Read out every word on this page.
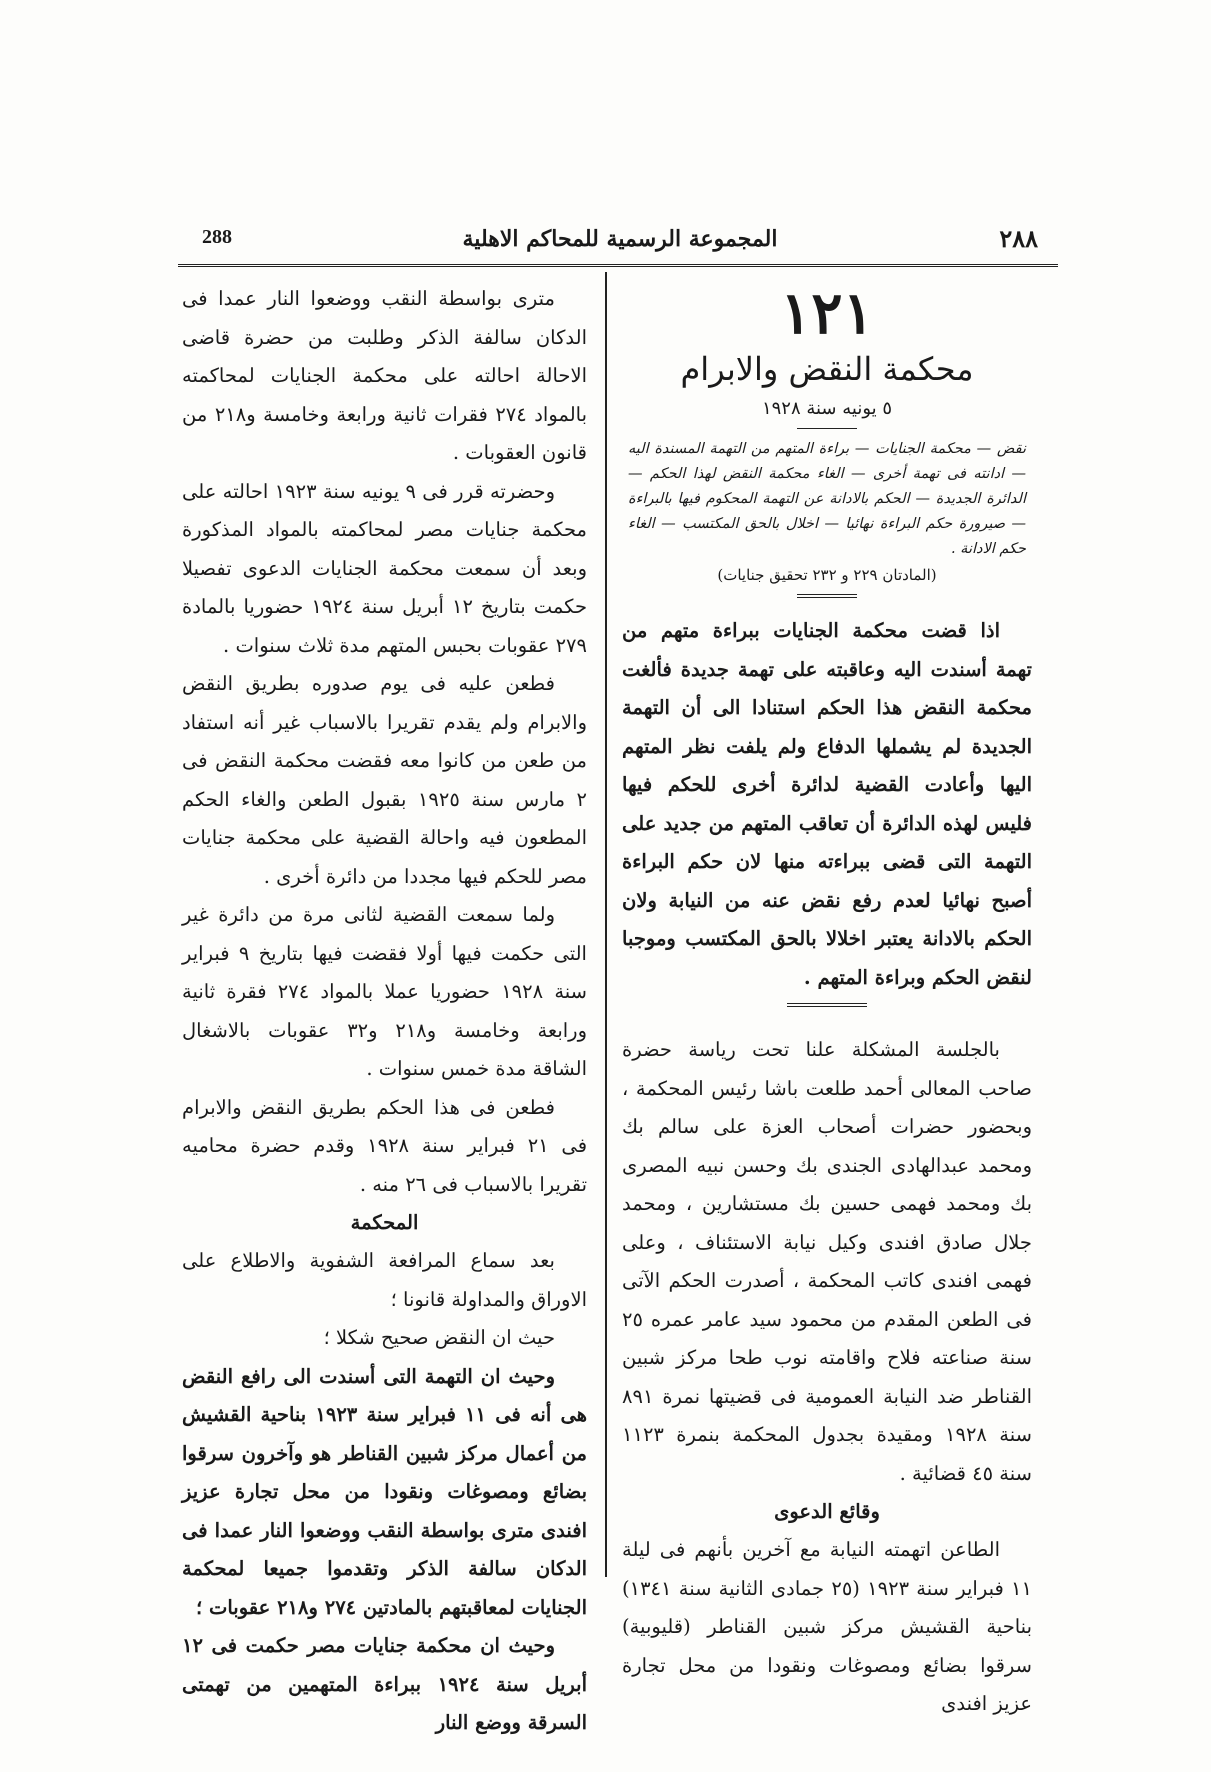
288	المجموعة الرسمية للمحاكم الاهلية	٢٨٨
١٢١
محكمة النقض والابرام
٥ يونيه سنة ١٩٢٨
نقض — محكمة الجنايات — براءة المتهم من التهمة المسندة اليه — ادانته فى تهمة أخرى — الغاء محكمة النقض لهذا الحكم — الدائرة الجديدة — الحكم بالادانة عن التهمة المحكوم فيها بالبراءة — صيرورة حكم البراءة نهائيا — اخلال بالحق المكتسب — الغاء حكم الادانة .
(المادتان ٢٢٩ و ٢٣٢ تحقيق جنايات)

اذا قضت محكمة الجنايات ببراءة متهم من تهمة أسندت اليه وعاقبته على تهمة جديدة فألغت محكمة النقض هذا الحكم استنادا الى أن التهمة الجديدة لم يشملها الدفاع ولم يلفت نظر المتهم اليها وأعادت القضية لدائرة أخرى للحكم فيها فليس لهذه الدائرة أن تعاقب المتهم من جديد على التهمة التى قضى ببراءته منها لان حكم البراءة أصبح نهائيا لعدم رفع نقض عنه من النيابة ولان الحكم بالادانة يعتبر اخلالا بالحق المكتسب وموجبا لنقض الحكم وبراءة المتهم .

بالجلسة المشكلة علنا تحت رياسة حضرة صاحب المعالى أحمد طلعت باشا رئيس المحكمة ، وبحضور حضرات أصحاب العزة على سالم بك ومحمد عبدالهادى الجندى بك وحسن نبيه المصرى بك ومحمد فهمى حسين بك مستشارين ، ومحمد جلال صادق افندى وكيل نيابة الاستئناف ، وعلى فهمى افندى كاتب المحكمة ، أصدرت الحكم الآتى فى الطعن المقدم من محمود سيد عامر عمره ٢٥ سنة صناعته فلاح واقامته نوب طحا مركز شبين القناطر ضد النيابة العمومية فى قضيتها نمرة ٨٩١ سنة ١٩٢٨ ومقيدة بجدول المحكمة بنمرة ١١٢٣ سنة ٤٥ قضائية .

وقائع الدعوى

الطاعن اتهمته النيابة مع آخرين بأنهم فى ليلة ١١ فبراير سنة ١٩٢٣ (٢٥ جمادى الثانية سنة ١٣٤١) بناحية القشيش مركز شبين القناطر (قليوبية) سرقوا بضائع ومصوغات ونقودا من محل تجارة عزيز افندى

مترى بواسطة النقب ووضعوا النار عمدا فى الدكان سالفة الذكر وطلبت من حضرة قاضى الاحالة احالته على محكمة الجنايات لمحاكمته بالمواد ٢٧٤ فقرات ثانية ورابعة وخامسة و٢١٨ من قانون العقوبات .

وحضرته قرر فى ٩ يونيه سنة ١٩٢٣ احالته على محكمة جنايات مصر لمحاكمته بالمواد المذكورة وبعد أن سمعت محكمة الجنايات الدعوى تفصيلا حكمت بتاريخ ١٢ أبريل سنة ١٩٢٤ حضوريا بالمادة ٢٧٩ عقوبات بحبس المتهم مدة ثلاث سنوات .

فطعن عليه فى يوم صدوره بطريق النقض والابرام ولم يقدم تقريرا بالاسباب غير أنه استفاد من طعن من كانوا معه فقضت محكمة النقض فى ٢ مارس سنة ١٩٢٥ بقبول الطعن والغاء الحكم المطعون فيه واحالة القضية على محكمة جنايات مصر للحكم فيها مجددا من دائرة أخرى .

ولما سمعت القضية لثانى مرة من دائرة غير التى حكمت فيها أولا فقضت فيها بتاريخ ٩ فبراير سنة ١٩٢٨ حضوريا عملا بالمواد ٢٧٤ فقرة ثانية ورابعة وخامسة و٢١٨ و٣٢ عقوبات بالاشغال الشاقة مدة خمس سنوات .

فطعن فى هذا الحكم بطريق النقض والابرام فى ٢١ فبراير سنة ١٩٢٨ وقدم حضرة محاميه تقريرا بالاسباب فى ٢٦ منه .

المحكمة

بعد سماع المرافعة الشفوية والاطلاع على الاوراق والمداولة قانونا ؛

حيث ان النقض صحيح شكلا ؛

وحيث ان التهمة التى أسندت الى رافع النقض هى أنه فى ١١ فبراير سنة ١٩٢٣ بناحية القشيش من أعمال مركز شبين القناطر هو وآخرون سرقوا بضائع ومصوغات ونقودا من محل تجارة عزيز افندى مترى بواسطة النقب ووضعوا النار عمدا فى الدكان سالفة الذكر وتقدموا جميعا لمحكمة الجنايات لمعاقبتهم بالمادتين ٢٧٤ و٢١٨ عقوبات ؛

وحيث ان محكمة جنايات مصر حكمت فى ١٢ أبريل سنة ١٩٢٤ ببراءة المتهمين من تهمتى السرقة ووضع النار
